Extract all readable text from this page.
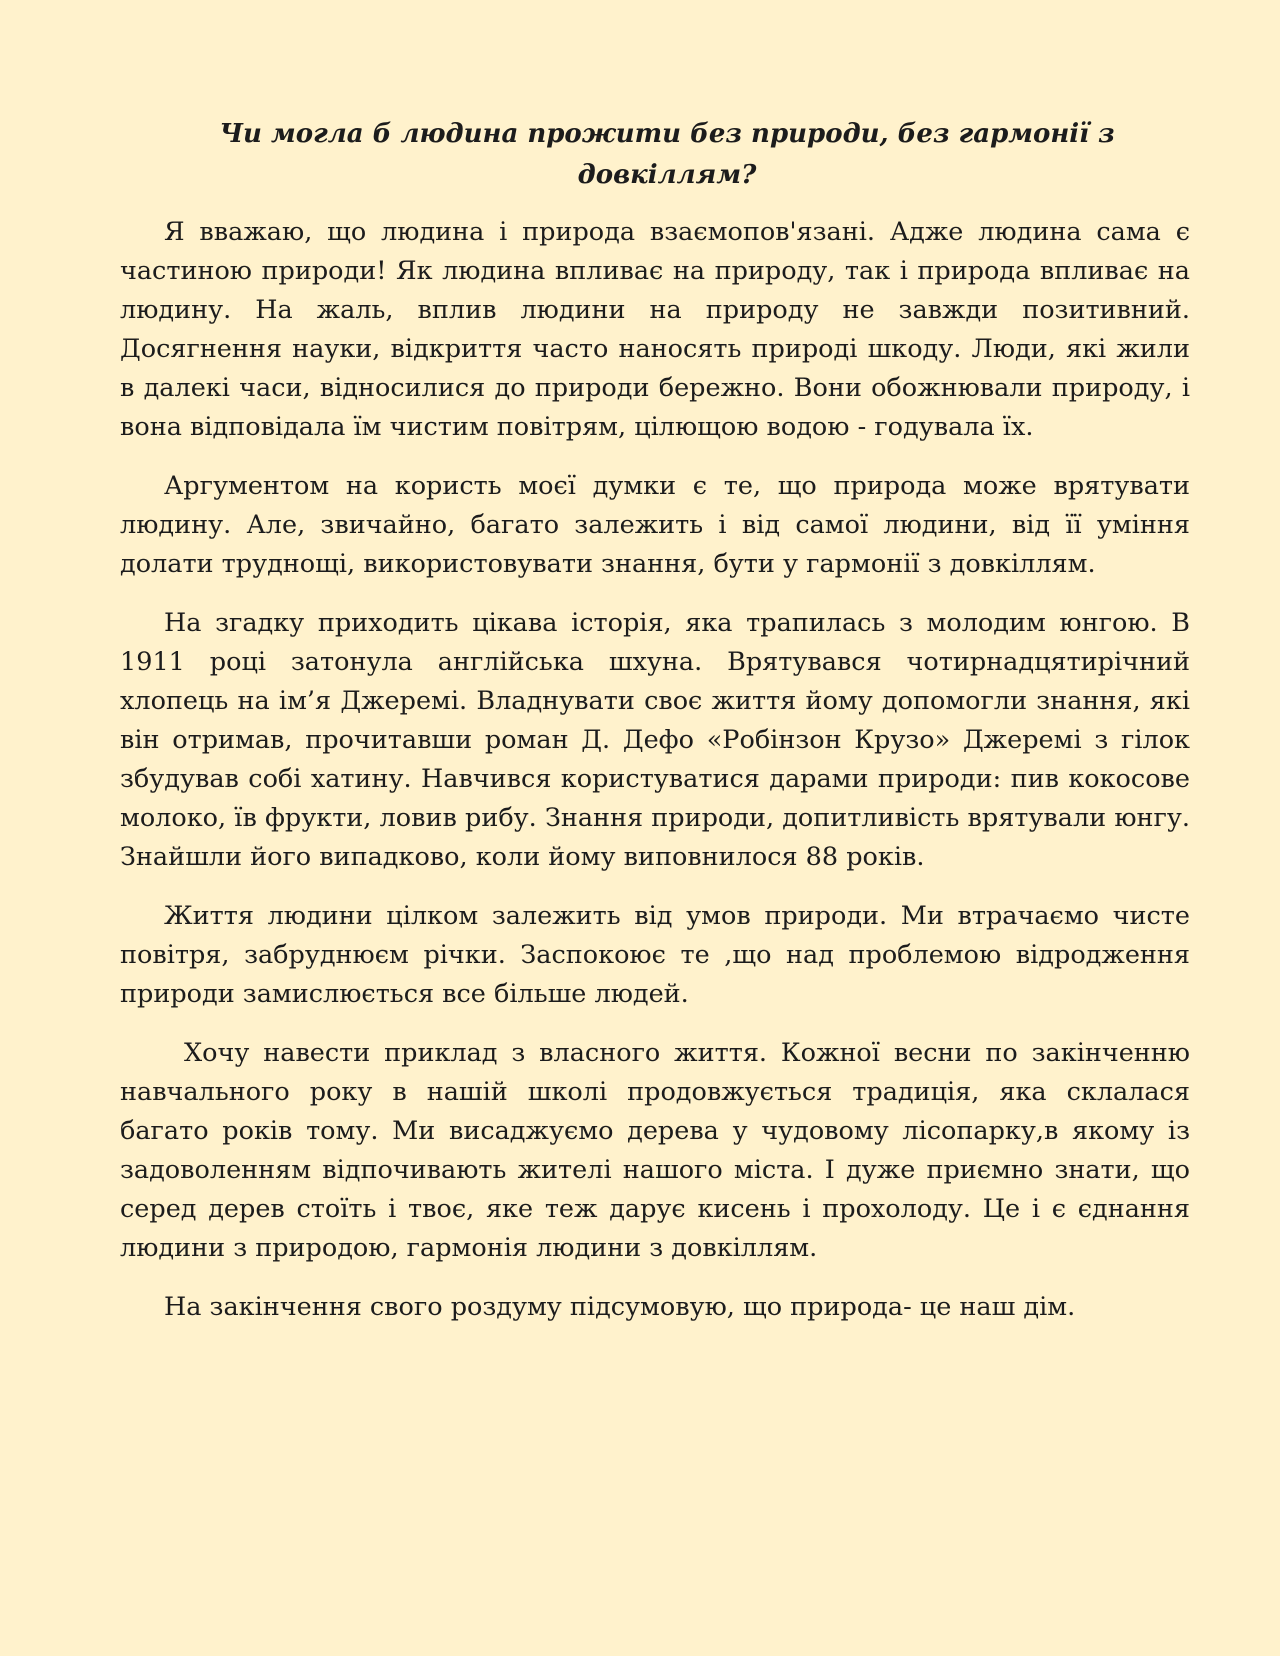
Чи могла б людина прожити без природи, без гармонії з довкіллям?

Я вважаю, що людина і природа взаємопов'язані. Адже людина сама є частиною природи! Як людина впливає на природу, так і природа впливає на людину. На жаль, вплив людини на природу не завжди позитивний. Досягнення науки, відкриття часто наносять природі шкоду. Люди, які жили в далекі часи, відносилися до природи бережно. Вони обожнювали природу, і вона відповідала їм чистим повітрям, цілющою водою - годувала їх.

Аргументом на користь моєї думки є те, що природа може врятувати людину. Але, звичайно, багато залежить і від самої людини, від її уміння долати труднощі, використовувати знання, бути у гармонії з довкіллям.

На згадку приходить цікава історія, яка трапилась з молодим юнгою. В 1911 році затонула англійська шхуна. Врятувався чотирнадцятирічний хлопець на ім’я Джеремі. Владнувати своє життя йому допомогли знання, які він отримав, прочитавши роман Д. Дефо «Робінзон Крузо» Джеремі з гілок збудував собі хатину. Навчився користуватися дарами природи: пив кокосове молоко, їв фрукти, ловив рибу. Знання природи, допитливість врятували юнгу. Знайшли його випадково, коли йому виповнилося 88 років.

Життя людини цілком залежить від умов природи. Ми втрачаємо чисте повітря, забруднюєм річки. Заспокоює те ,що над проблемою відродження природи замислюється все більше людей.

Хочу навести приклад з власного життя. Кожної весни по закінченню навчального року в нашій школі продовжується традиція, яка склалася багато років тому. Ми висаджуємо дерева у чудовому лісопарку,в якому із задоволенням відпочивають жителі нашого міста. І дуже приємно знати, що серед дерев стоїть і твоє, яке теж дарує кисень і прохолоду. Це і є єднання людини з природою, гармонія людини з довкіллям.

На закінчення свого роздуму підсумовую, що природа- це наш дім.
